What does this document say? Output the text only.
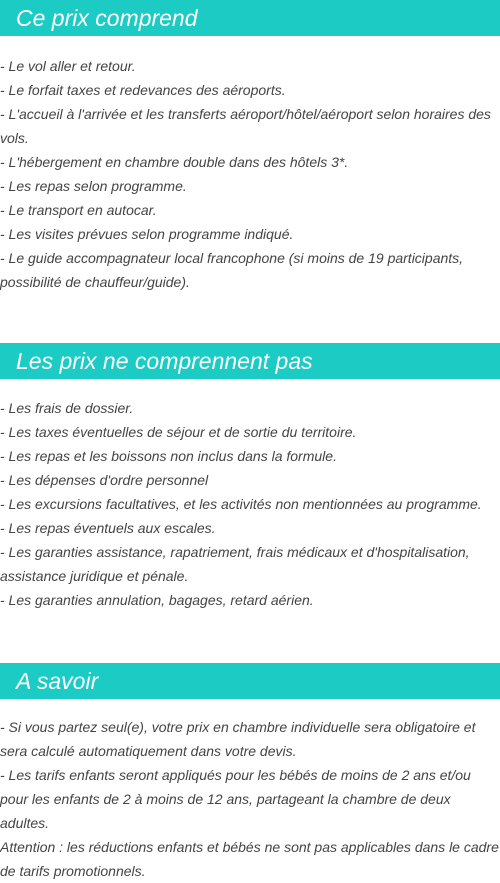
Ce prix comprend
- Le vol aller et retour.
- Le forfait taxes et redevances des aéroports.
- L'accueil à l'arrivée et les transferts aéroport/hôtel/aéroport selon horaires des vols.
- L'hébergement en chambre double dans des hôtels 3*.
- Les repas selon programme.
- Le transport en autocar.
- Les visites prévues selon programme indiqué.
- Le guide accompagnateur local francophone (si moins de 19 participants, possibilité de chauffeur/guide).
Les prix ne comprennent pas
- Les frais de dossier.
- Les taxes éventuelles de séjour et de sortie du territoire.
- Les repas et les boissons non inclus dans la formule.
- Les dépenses d'ordre personnel
- Les excursions facultatives, et les activités non mentionnées au programme.
- Les repas éventuels aux escales.
- Les garanties assistance, rapatriement, frais médicaux et d'hospitalisation, assistance juridique et pénale.
- Les garanties annulation, bagages, retard aérien.
A savoir
- Si vous partez seul(e), votre prix en chambre individuelle sera obligatoire et sera calculé automatiquement dans votre devis.
- Les tarifs enfants seront appliqués pour les bébés de moins de 2 ans et/ou pour les enfants de 2 à moins de 12 ans, partageant la chambre de deux adultes.
Attention : les réductions enfants et bébés ne sont pas applicables dans le cadre de tarifs promotionnels.
